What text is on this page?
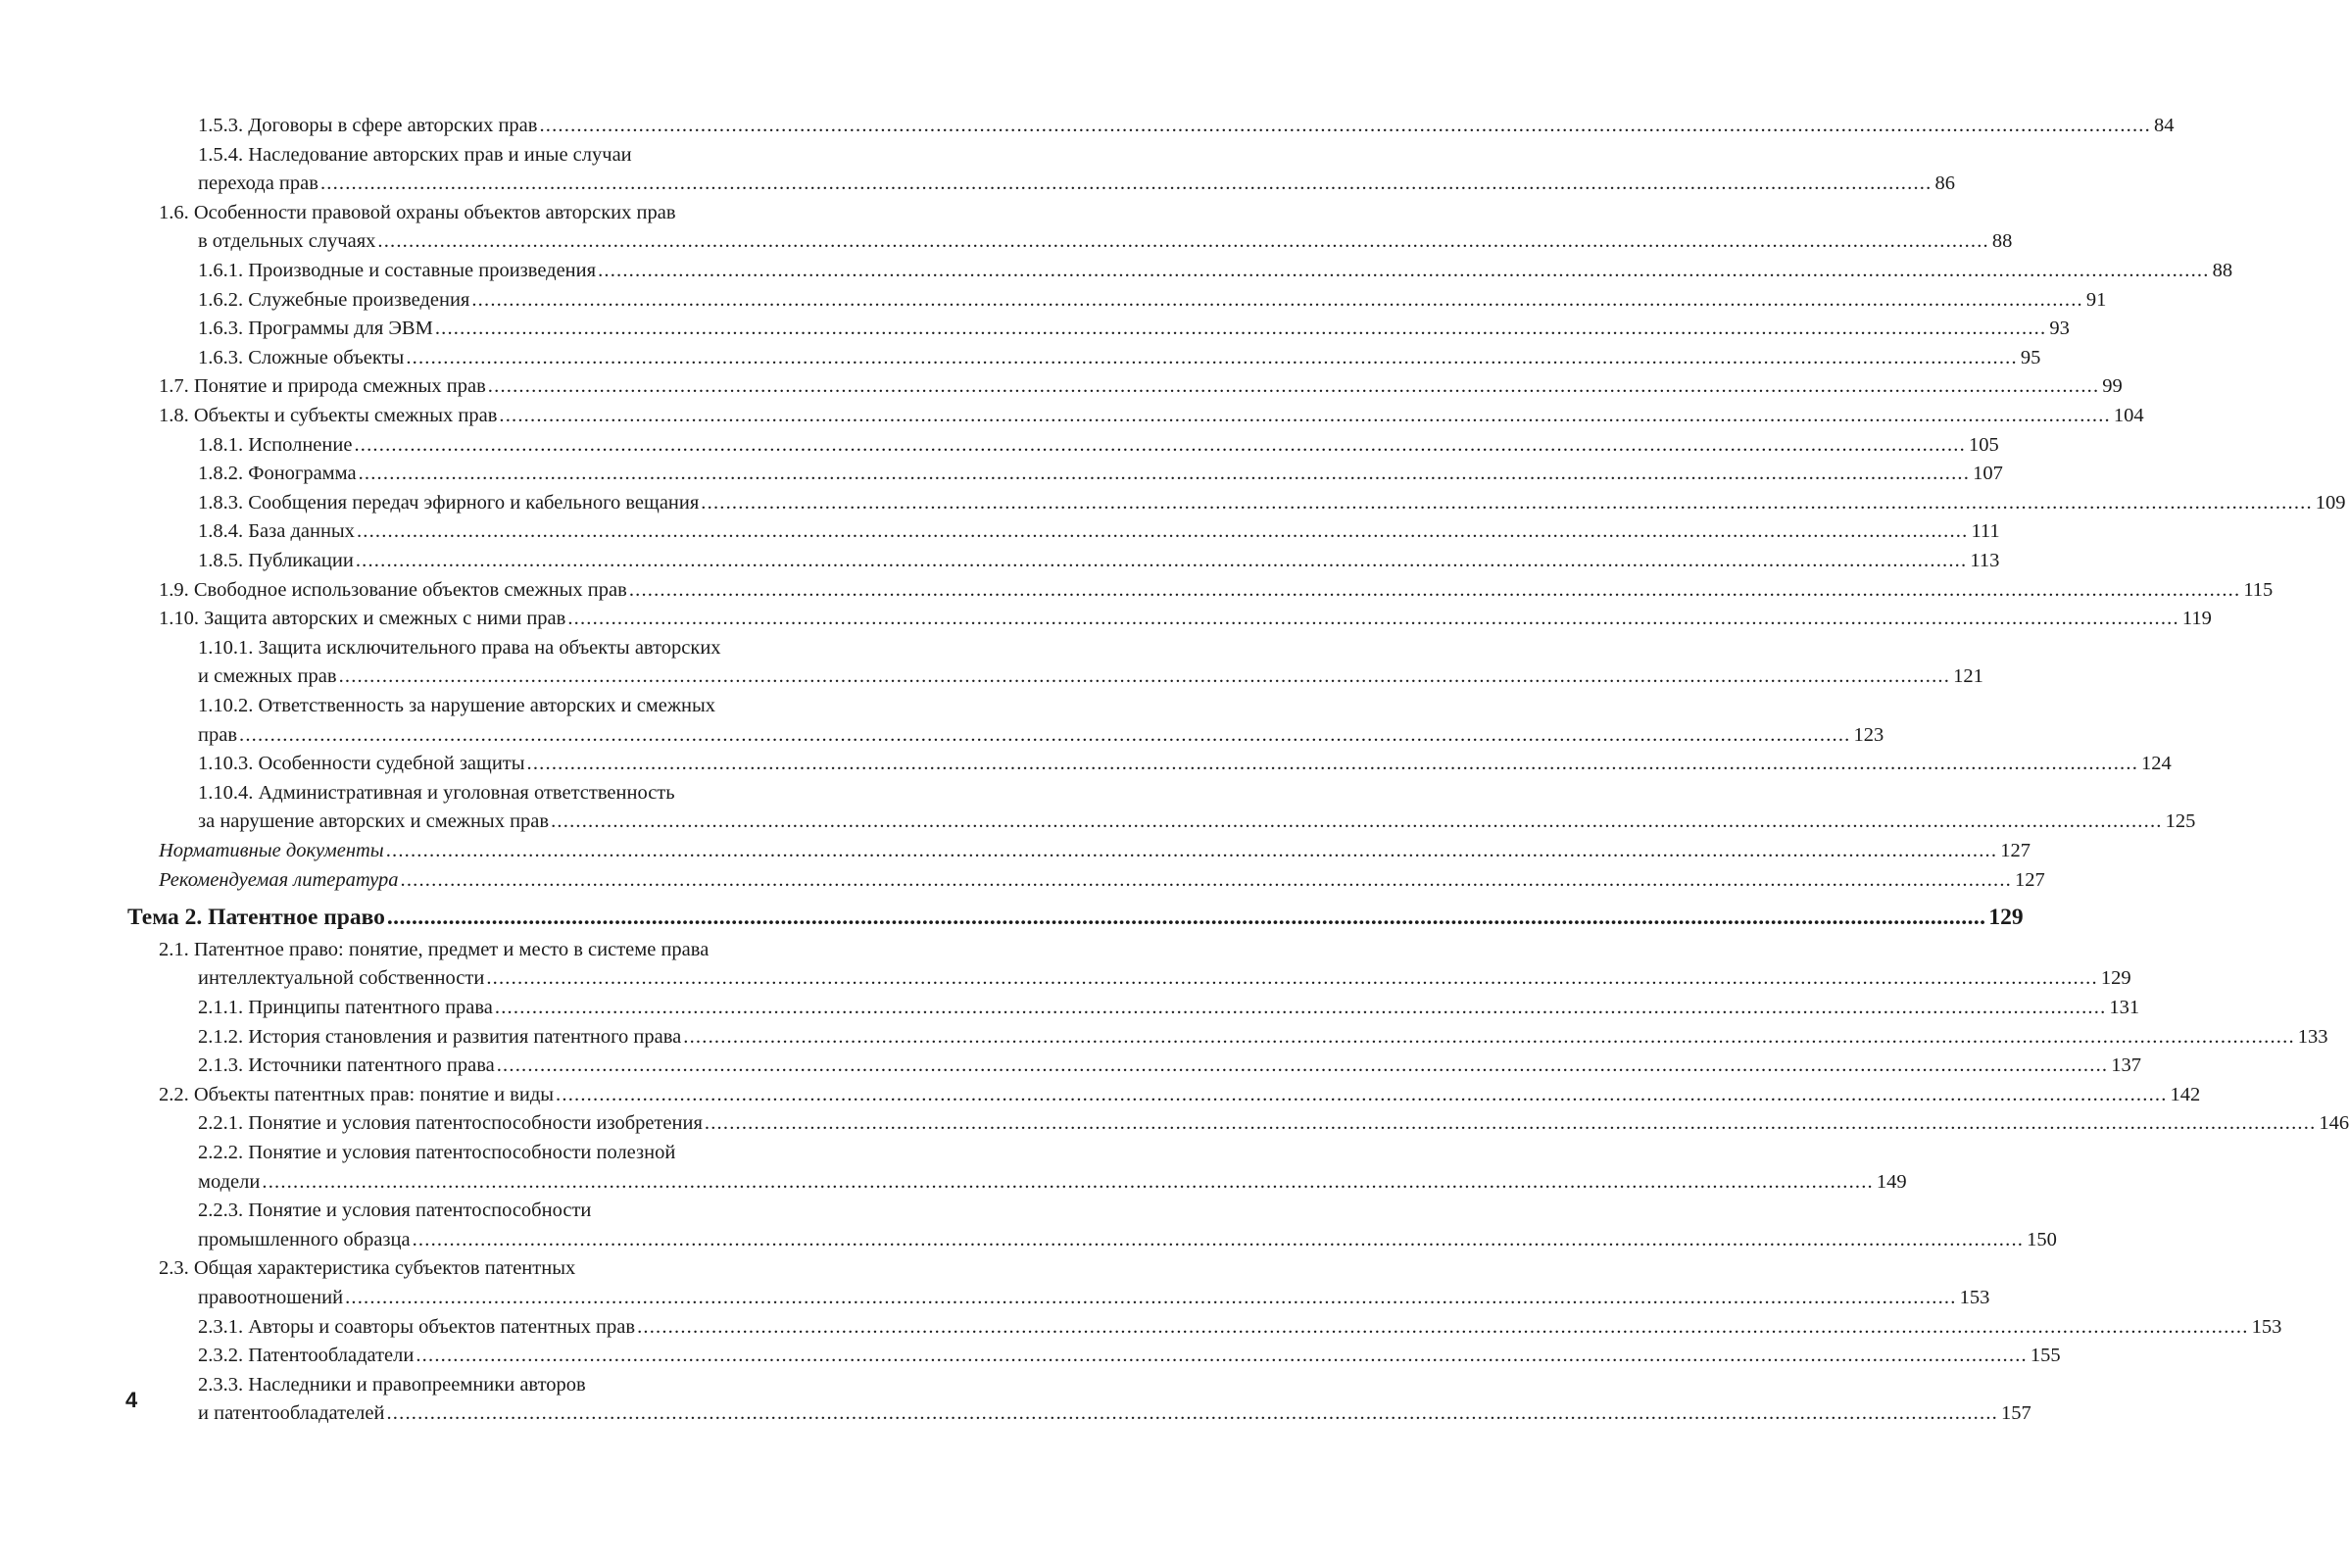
1.5.3. Договоры в сфере авторских прав .................................................................................................................................................................................................................................................................... 84
1.5.4. Наследование авторских прав и иные случаи
перехода прав .................................................................................................................................................................................................................................................................... 86
1.6. Особенности правовой охраны объектов авторских прав
в отдельных случаях .................................................................................................................................................................................................................................................................... 88
1.6.1. Производные и составные произведения .................................................................................................................................................................................................................................................................... 88
1.6.2. Служебные произведения .................................................................................................................................................................................................................................................................... 91
1.6.3. Программы для ЭВМ .................................................................................................................................................................................................................................................................... 93
1.6.3. Сложные объекты .................................................................................................................................................................................................................................................................... 95
1.7. Понятие и природа смежных прав .................................................................................................................................................................................................................................................................... 99
1.8. Объекты и субъекты смежных прав .................................................................................................................................................................................................................................................................... 104
1.8.1. Исполнение .................................................................................................................................................................................................................................................................... 105
1.8.2. Фонограмма .................................................................................................................................................................................................................................................................... 107
1.8.3. Сообщения передач эфирного и кабельного вещания .................................................................................................................................................................................................................................................................... 109
1.8.4. База данных .................................................................................................................................................................................................................................................................... 111
1.8.5. Публикации .................................................................................................................................................................................................................................................................... 113
1.9. Свободное использование объектов смежных прав .................................................................................................................................................................................................................................................................... 115
1.10. Защита авторских и смежных с ними прав .................................................................................................................................................................................................................................................................... 119
1.10.1. Защита исключительного права на объекты авторских
и смежных прав .................................................................................................................................................................................................................................................................... 121
1.10.2. Ответственность за нарушение авторских и смежных
прав .................................................................................................................................................................................................................................................................... 123
1.10.3. Особенности судебной защиты .................................................................................................................................................................................................................................................................... 124
1.10.4. Административная и уголовная ответственность
за нарушение авторских и смежных прав .................................................................................................................................................................................................................................................................... 125
Нормативные документы .................................................................................................................................................................................................................................................................... 127
Рекомендуемая литература .................................................................................................................................................................................................................................................................... 127
Тема 2. Патентное право .................................................................................................................................................................................................................................................................... 129
2.1. Патентное право: понятие, предмет и место в системе права
интеллектуальной собственности .................................................................................................................................................................................................................................................................... 129
2.1.1. Принципы патентного права .................................................................................................................................................................................................................................................................... 131
2.1.2. История становления и развития патентного права .................................................................................................................................................................................................................................................................... 133
2.1.3. Источники патентного права .................................................................................................................................................................................................................................................................... 137
2.2. Объекты патентных прав: понятие и виды .................................................................................................................................................................................................................................................................... 142
2.2.1. Понятие и условия патентоспособности изобретения .................................................................................................................................................................................................................................................................... 146
2.2.2. Понятие и условия патентоспособности полезной
модели .................................................................................................................................................................................................................................................................... 149
2.2.3. Понятие и условия патентоспособности
промышленного образца .................................................................................................................................................................................................................................................................... 150
2.3. Общая характеристика субъектов патентных
правоотношений .................................................................................................................................................................................................................................................................... 153
2.3.1. Авторы и соавторы объектов патентных прав .................................................................................................................................................................................................................................................................... 153
2.3.2. Патентообладатели .................................................................................................................................................................................................................................................................... 155
2.3.3. Наследники и правопреемники авторов
и патентообладателей .................................................................................................................................................................................................................................................................... 157
4
